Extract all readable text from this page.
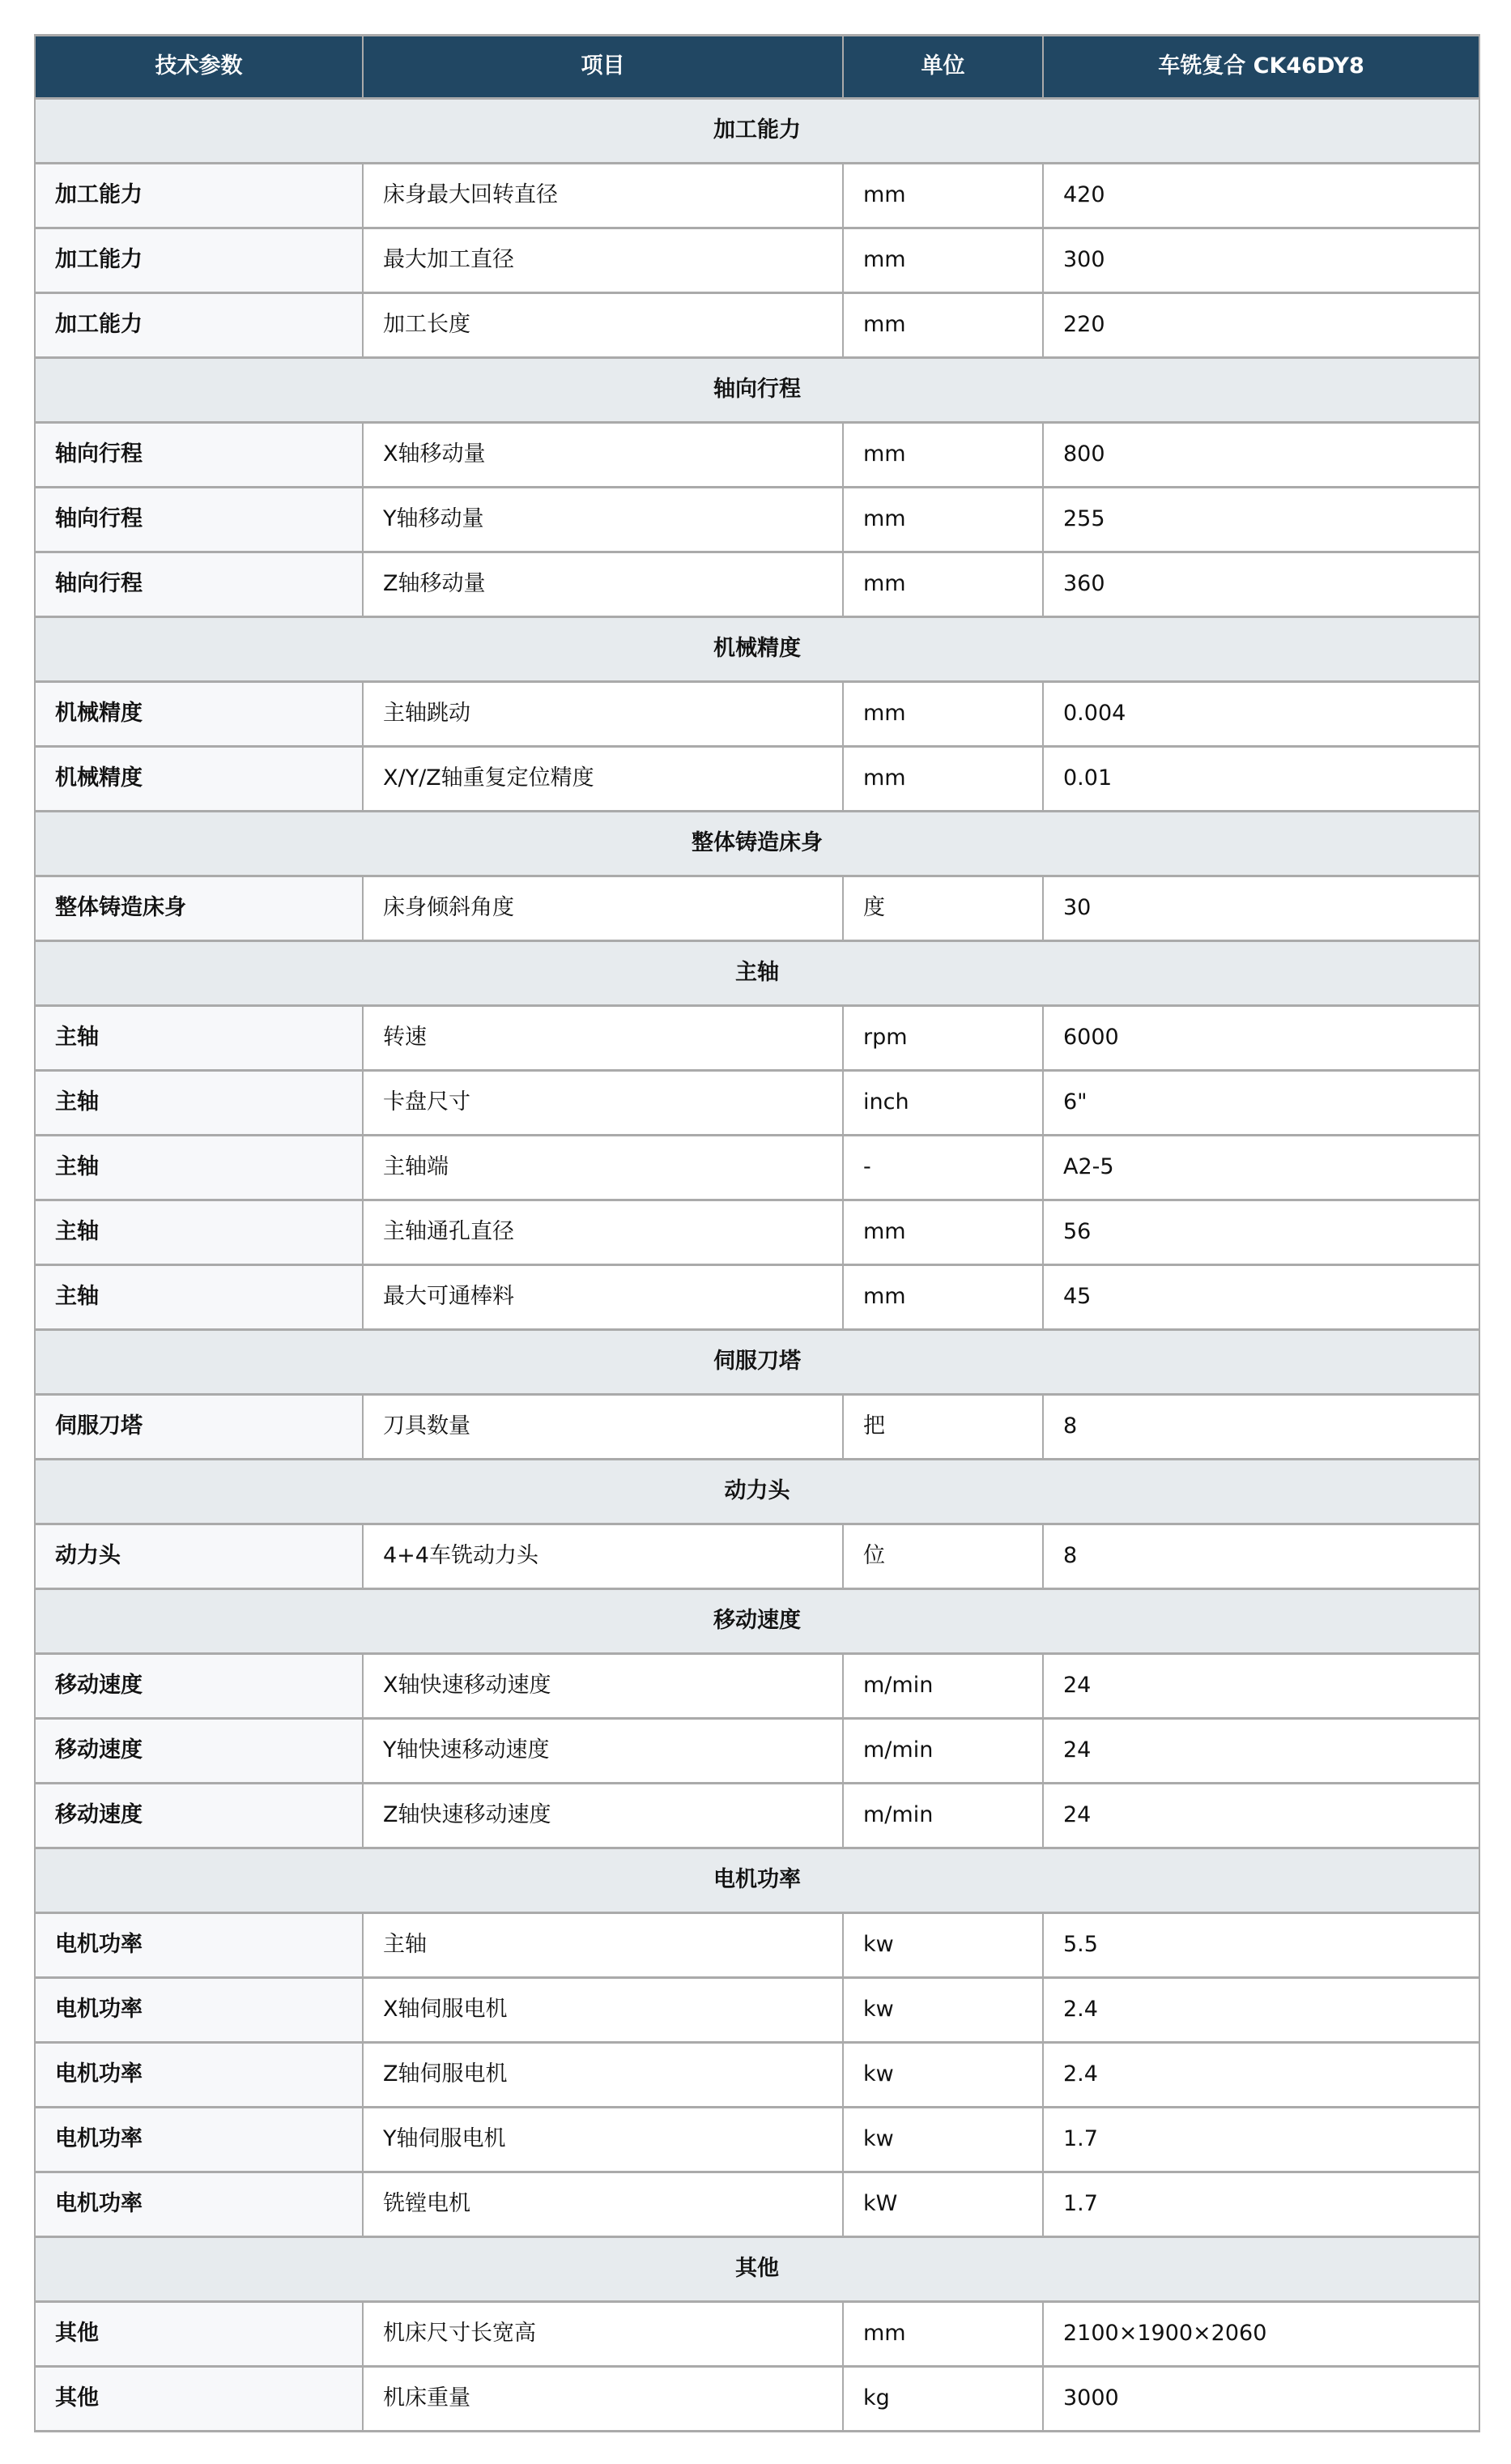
技术参数	项目	单位	车铣复合 CK46DY8
加工能力			
加工能力	床身最大回转直径	mm	420
加工能力	最大加工直径	mm	300
加工能力	加工长度	mm	220
轴向行程			
轴向行程	X轴移动量	mm	800
轴向行程	Y轴移动量	mm	255
轴向行程	Z轴移动量	mm	360
机械精度			
机械精度	主轴跳动	mm	0.004
机械精度	X/Y/Z轴重复定位精度	mm	0.01
整体铸造床身			
整体铸造床身	床身倾斜角度	度	30
主轴			
主轴	转速	rpm	6000
主轴	卡盘尺寸	inch	6"
主轴	主轴端	-	A2-5
主轴	主轴通孔直径	mm	56
主轴	最大可通棒料	mm	45
伺服刀塔			
伺服刀塔	刀具数量	把	8
动力头			
动力头	4+4车铣动力头	位	8
移动速度			
移动速度	X轴快速移动速度	m/min	24
移动速度	Y轴快速移动速度	m/min	24
移动速度	Z轴快速移动速度	m/min	24
电机功率			
电机功率	主轴	kw	5.5
电机功率	X轴伺服电机	kw	2.4
电机功率	Z轴伺服电机	kw	2.4
电机功率	Y轴伺服电机	kw	1.7
电机功率	铣镗电机	kW	1.7
其他			
其他	机床尺寸长宽高	mm	2100×1900×2060
其他	机床重量	kg	3000
